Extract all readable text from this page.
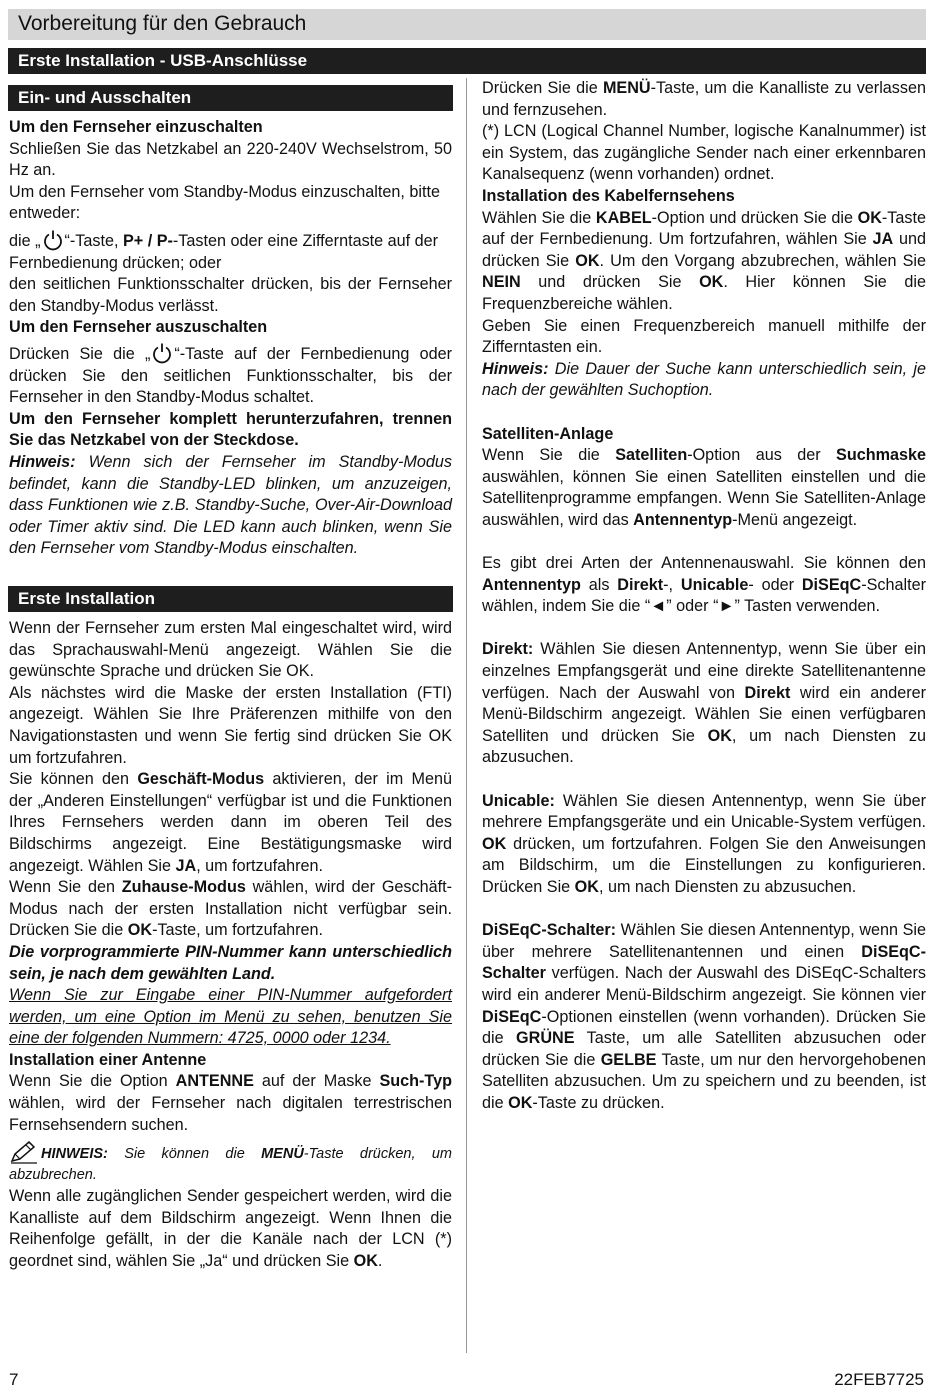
Vorbereitung für den Gebrauch
Erste Installation - USB-Anschlüsse
Ein- und Ausschalten

Um den Fernseher einzuschalten

Schließen Sie das Netzkabel an 220-240V Wechselstrom, 50 Hz an.

Um den Fernseher vom Standby-Modus einzuschalten, bitte entweder:

die „ “-Taste, P+ / P--Tasten oder eine Zifferntaste auf der Fernbedienung drücken; oder

den seitlichen Funktionsschalter drücken, bis der Fernseher den Standby-Modus verlässt.

Um den Fernseher auszuschalten

Drücken Sie die „ “-Taste auf der Fernbedienung oder drücken Sie den seitlichen Funktionsschalter, bis der Fernseher in den Standby-Modus schaltet.

Um den Fernseher komplett herunterzufahren, trennen Sie das Netzkabel von der Steckdose.

Hinweis: Wenn sich der Fernseher im Standby-Modus befindet, kann die Standby-LED blinken, um anzuzeigen, dass Funktionen wie z.B. Standby-Suche, Over-Air-Download oder Timer aktiv sind. Die LED kann auch blinken, wenn Sie den Fernseher vom Standby-Modus einschalten.

Erste Installation

Wenn der Fernseher zum ersten Mal eingeschaltet wird, wird das Sprachauswahl-Menü angezeigt. Wählen Sie die gewünschte Sprache und drücken Sie OK.

Als nächstes wird die Maske der ersten Installation (FTI) angezeigt. Wählen Sie Ihre Präferenzen mithilfe von den Navigationstasten und wenn Sie fertig sind drücken Sie OK um fortzufahren.

Sie können den Geschäft-Modus aktivieren, der im Menü der „Anderen Einstellungen“ verfügbar ist und die Funktionen Ihres Fernsehers werden dann im oberen Teil des Bildschirms angezeigt. Eine Bestätigungsmaske wird angezeigt. Wählen Sie JA, um fortzufahren.

Wenn Sie den Zuhause-Modus wählen, wird der Geschäft-Modus nach der ersten Installation nicht verfügbar sein. Drücken Sie die OK-Taste, um fortzufahren.

Die vorprogrammierte PIN-Nummer kann unterschiedlich sein, je nach dem gewählten Land.

Wenn Sie zur Eingabe einer PIN-Nummer aufgefordert werden, um eine Option im Menü zu sehen, benutzen Sie eine der folgenden Nummern: 4725, 0000 oder 1234.

Installation einer Antenne

Wenn Sie die Option ANTENNE auf der Maske Such-Typ wählen, wird der Fernseher nach digitalen terrestrischen Fernsehsendern suchen.

HINWEIS: Sie können die MENÜ-Taste drücken, um abzubrechen.

Wenn alle zugänglichen Sender gespeichert werden, wird die Kanalliste auf dem Bildschirm angezeigt. Wenn Ihnen die Reihenfolge gefällt, in der die Kanäle nach der LCN (*) geordnet sind, wählen Sie „Ja“ und drücken Sie OK.

Drücken Sie die MENÜ-Taste, um die Kanalliste zu verlassen und fernzusehen.

(*) LCN (Logical Channel Number, logische Kanalnummer) ist ein System, das zugängliche Sender nach einer erkennbaren Kanalsequenz (wenn vorhanden) ordnet.

Installation des Kabelfernsehens

Wählen Sie die KABEL-Option und drücken Sie die OK-Taste auf der Fernbedienung. Um fortzufahren, wählen Sie JA und drücken Sie OK. Um den Vorgang abzubrechen, wählen Sie NEIN und drücken Sie OK. Hier können Sie die Frequenzbereiche wählen.

Geben Sie einen Frequenzbereich manuell mithilfe der Zifferntasten ein.

Hinweis: Die Dauer der Suche kann unterschiedlich sein, je nach der gewählten Suchoption.

Satelliten-Anlage

Wenn Sie die Satelliten-Option aus der Suchmaske auswählen, können Sie einen Satelliten einstellen und die Satellitenprogramme empfangen. Wenn Sie Satelliten-Anlage auswählen, wird das Antennentyp-Menü angezeigt.

Es gibt drei Arten der Antennenauswahl. Sie können den Antennentyp als Direkt-, Unicable- oder DiSEqC-Schalter wählen, indem Sie die “◄” oder “►” Tasten verwenden.

Direkt: Wählen Sie diesen Antennentyp, wenn Sie über ein einzelnes Empfangsgerät und eine direkte Satellitenantenne verfügen. Nach der Auswahl von Direkt wird ein anderer Menü-Bildschirm angezeigt. Wählen Sie einen verfügbaren Satelliten und drücken Sie OK, um nach Diensten zu abzusuchen.

Unicable: Wählen Sie diesen Antennentyp, wenn Sie über mehrere Empfangsgeräte und ein Unicable-System verfügen. OK drücken, um fortzufahren. Folgen Sie den Anweisungen am Bildschirm, um die Einstellungen zu konfigurieren. Drücken Sie OK, um nach Diensten zu abzusuchen.

DiSEqC-Schalter: Wählen Sie diesen Antennentyp, wenn Sie über mehrere Satellitenantennen und einen DiSEqC-Schalter verfügen. Nach der Auswahl des DiSEqC-Schalters wird ein anderer Menü-Bildschirm angezeigt. Sie können vier DiSEqC-Optionen einstellen (wenn vorhanden). Drücken Sie die GRÜNE Taste, um alle Satelliten abzusuchen oder drücken Sie die GELBE Taste, um nur den hervorgehobenen Satelliten abzusuchen. Um zu speichern und zu beenden, ist die OK-Taste zu drücken.

7	22FEB7725
